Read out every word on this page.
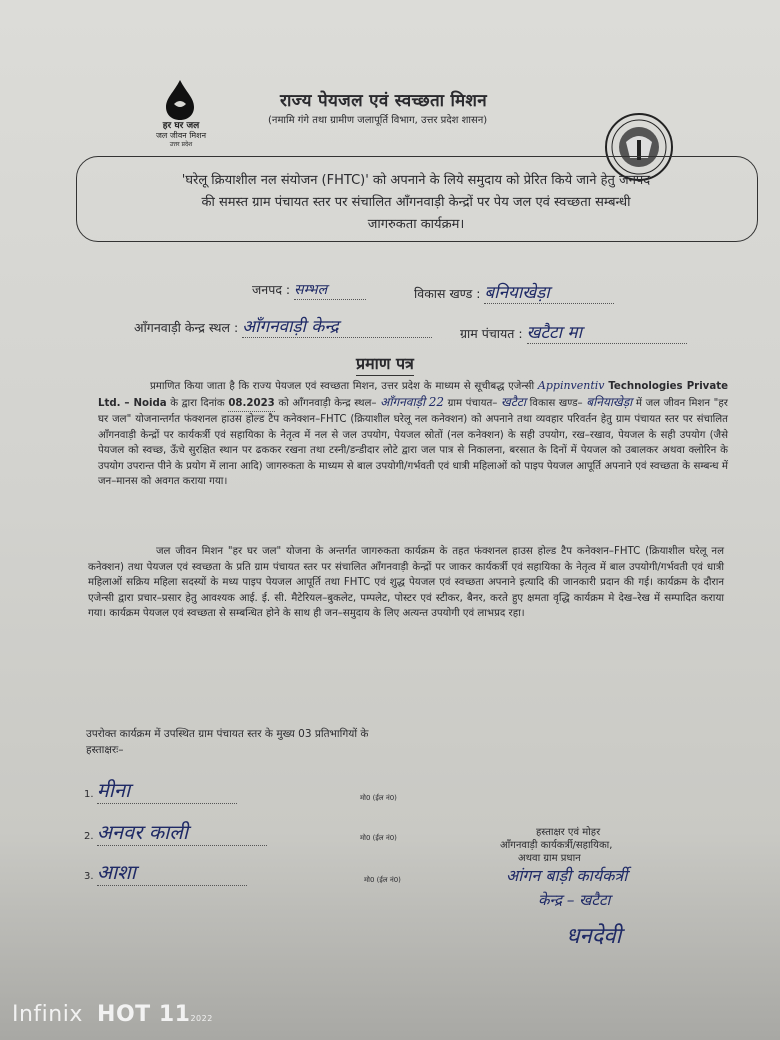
हर घर जल
जल जीवन मिशन
उत्तर प्रदेश
राज्य पेयजल एवं स्वच्छता मिशन
(नमामि गंगे तथा ग्रामीण जलापूर्ति विभाग, उत्तर प्रदेश शासन)
'घरेलू क्रियाशील नल संयोजन (FHTC)' को अपनाने के लिये समुदाय को प्रेरित किये जाने हेतु जनपद
की समस्त ग्राम पंचायत स्तर पर संचालित आँगनवाड़ी केन्द्रों पर पेय जल एवं स्वच्छता सम्बन्धी
जागरुकता कार्यक्रम।
जनपद : सम्भल	विकास खण्ड : बनियाखेड़ा
आँगनवाड़ी केन्द्र स्थल : आँगनवाड़ी केन्द्र	ग्राम पंचायत : खटैटा मा
प्रमाण पत्र
प्रमाणित किया जाता है कि राज्य पेयजल एवं स्वच्छता मिशन, उत्तर प्रदेश के माध्यम से सूचीबद्ध एजेन्सी Appinventiv Technologies Private Ltd. – Noida के द्वारा दिनांक 08.2023 को आँगनवाड़ी केन्द्र स्थल– आँगनवाड़ी 22 ग्राम पंचायत– खटैटा विकास खण्ड– बनियाखेड़ा में जल जीवन मिशन "हर घर जल" योजनान्तर्गत फंक्शनल हाउस होल्ड टैप कनेक्शन–FHTC (क्रियाशील घरेलू नल कनेक्शन) को अपनाने तथा व्यवहार परिवर्तन हेतु ग्राम पंचायत स्तर पर संचालित आँगनवाड़ी केन्द्रों पर कार्यकर्त्री एवं सहायिका के नेतृत्व में नल से जल उपयोग, पेयजल स्रोतों (नल कनेक्शन) के सही उपयोग, रख–रखाव, पेयजल के सही उपयोग (जैसे पेयजल को स्वच्छ, ऊँचे सुरक्षित स्थान पर ढककर रखना तथा टस्नी/डन्डीदार लोटे द्वारा जल पात्र से निकालना, बरसात के दिनों में पेयजल को उबालकर अथवा क्लोरिन के उपयोग उपरान्त पीने के प्रयोग में लाना आदि) जागरुकता के माध्यम से बाल उपयोगी/गर्भवती एवं धात्री महिलाओं को पाइप पेयजल आपूर्ति अपनाने एवं स्वच्छता के सम्बन्ध में जन–मानस को अवगत कराया गया।
जल जीवन मिशन "हर घर जल" योजना के अन्तर्गत जागरुकता कार्यक्रम के तहत फंक्शनल हाउस होल्ड टैप कनेक्शन–FHTC (क्रियाशील घरेलू नल कनेक्शन) तथा पेयजल एवं स्वच्छता के प्रति ग्राम पंचायत स्तर पर संचालित आँगनवाड़ी केन्द्रों पर जाकर कार्यकर्त्री एवं सहायिका के नेतृत्व में बाल उपयोगी/गर्भवती एवं धात्री महिलाओं सक्रिय महिला सदस्यों के मध्य पाइप पेयजल आपूर्ति तथा FHTC एवं शुद्ध पेयजल एवं स्वच्छता अपनाने इत्यादि की जानकारी प्रदान की गई। कार्यक्रम के दौरान एजेन्सी द्वारा प्रचार–प्रसार हेतु आवश्यक आई. ई. सी. मैटेरियल–बुकलेट, पम्पलेट, पोस्टर एवं स्टीकर, बैनर, करते हुए क्षमता वृद्धि कार्यक्रम मे देख–रेख में सम्पादित कराया गया। कार्यक्रम पेयजल एवं स्वच्छता से सम्बन्धित होने के साथ ही जन–समुदाय के लिए अत्यन्त उपयोगी एवं लाभप्रद रहा।
उपरोक्त कार्यक्रम में उपस्थित ग्राम पंचायत स्तर के मुख्य 03 प्रतिभागियों के
हस्ताक्षरः–
1. मीना	मो0 (ईल नं0)
2. अनवर काली	मो0 (ईल नं0)
3. आशा	मो0 (ईल नं0)
हस्ताक्षर एवं मोहर
आँगनवाड़ी कार्यकर्त्री/सहायिका,
अथवा ग्राम प्रधान
आंगन बाड़ी कार्यकर्त्री
केन्द्र – खटैटा
धनदेवी
Infinix HOT 112022
